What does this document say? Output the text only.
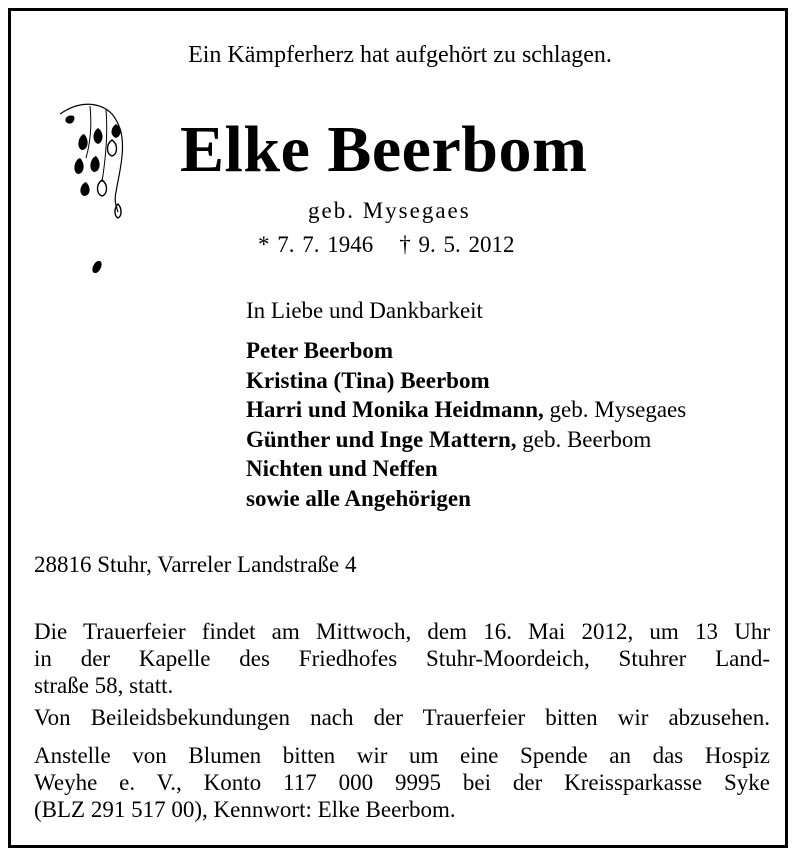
Ein Kämpferherz hat aufgehört zu schlagen.
Elke Beerbom
geb. Mysegaes
* 7. 7. 1946 † 9. 5. 2012
In Liebe und Dankbarkeit
Peter Beerbom
Kristina (Tina) Beerbom
Harri und Monika Heidmann, geb. Mysegaes
Günther und Inge Mattern, geb. Beerbom
Nichten und Neffen
sowie alle Angehörigen
28816 Stuhr, Varreler Landstraße 4
Die Trauerfeier findet am Mittwoch, dem 16. Mai 2012, um 13 Uhr
in der Kapelle des Friedhofes Stuhr-Moordeich, Stuhrer Land-
straße 58, statt.
Von Beileidsbekundungen nach der Trauerfeier bitten wir abzusehen.
Anstelle von Blumen bitten wir um eine Spende an das Hospiz
Weyhe e. V., Konto 117 000 9995 bei der Kreissparkasse Syke
(BLZ 291 517 00), Kennwort: Elke Beerbom.
